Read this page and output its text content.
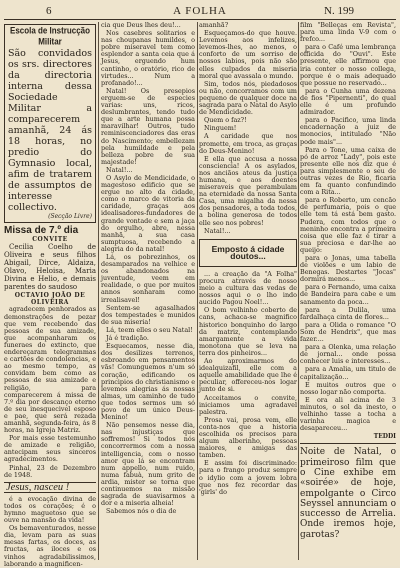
6	A FOLHA	N. 199
Escola de Instrucção Militar
São convidados os srs. directores da directoria interna dessa Sociedade Militar a comparecerem amanhã, 24 ás 18 horas, no predio do Gymnasio local, afim de tratarem de assumptos de interesse collectivo.
(Secção Livre)
Missa de 7.º dia
CONVITE

Cecilia Coelho de Oliveira e seus filhos Abigail, Dirce, Aldaiza, Olavo, Heloisa, Maria Divina e Helio, e demais parentes do saudoso

OCTAVIO JOÃO DE OLIVEIRA

agradecem penhorados as demonstrações de pezar que vem recebendo das pessoas de sua amizade, que acompanharam os funeraes do extincto, que endereçaram telegrammas e cartões de condolencias, e ao mesmo tempo, as convidam bem como as pessoas de sua amizade e religião, para comparecerem á missa de 7.º dia por descanço eterno de seu inesquecivel esposo e pae, que será rezada amanhã, segunda-feira, ás 8 horas, na Igreja Matriz.

Por mais esse testemunho de amizade e religião, antecipam seus sinceros agradecimentos.

Pinhal, 23 de Dezembro de 1948.

Jesus, nasceu !

é a evocação divina de todos os corações; é o hymno maguetoso que se ouve na mansão da vida!

Os bemaventurados, nesse dia, levam para as suas mesas fartas, os doces, as fructas, as iloces e os vinhos agradabilissimos, laborando a magnificen-

cia que Deus lhes deu!...

Nos casebres solitarios e nas choupanas humildes, o pobre miseravel tem como esplendor a santa ceia que á Jesus, erguendo hum cantinho, o oratório, rico de virtudes... Num a profanado!...

Natal! Os presepios erguem-se de especies varias: uns, ricos, deslumbrantes, tendo tudo que a arte humana possa maravilhar! Outros, tudo reminiscenciadores das eras do Nascimento; embellezam pela humildade e pela belleza pobre de sua majestade!

Natal!...

O Asylo de Mendicidade, o magestoso edificio que se ergue no alto da cidade, como o marco de vitoria da caridade, graças aos idealisadores-fundadores de grande vontade e sem a jaça do orgulho, abre, nessa manhã, a sua casa sumptuosa, recebendo a alegria do da natal!

Lá, os pobrezinhos, os desamparados na velhice e os abandonados na juventude, veem em realidade, o que por muitos annos sonharam como irrealisavel!

Sentem-se agasalhados dos tempestades e munidos de sua miseria!

Lá, teem elles o seu Natal!

Já é tradição.

Esquecamos, nesse dia, dos desilizes terrenos, esbroando em pensamentos vãs! Comunguemos n'um só coração, edificando os principios do christianismo e levemos alegrias ás nossas almas, um caminho de tudo que todos sermos um só povo de um único Deus-Menino!

Não pensemos nesse dia, nas injustiças que soffremos! Si todos nós concorrermos com a nossa intelligencia, com o nosso amor que lá se encontram num appello, num ruido, numa fabuà, num grito de ardia, mister se torna que continuemos na missão sagrada de suavisarmos a dor e a miseria alheia!

Sabemos nós o dia de

amanhã?

Esqueçamos-do que houve. Levemos aos infelizes, levemos-lhes, ao menos, o conforto de um sorriso de nossos labios, pois não são elles culpados da miseria moral que avassala o mundo.

Sim, todos nós, piedadosos ou não, concorramos com um pequeno de qualquer doce na sagrada para o Natal do Asylo de Mendicidade.

Quem o faz?!

Ninguem!

A caridade que nos promette, em troca, as graças do Deus-Menino!

E ella que accusa a nossa consciencia! A os asylados, nos anciãos ateus da justiça humana, e aos doentes miseraveis que perambulam na eternidade da nossa Santa Casa, uma migalha da nessa dos pensadores, a toda todos, a bolina generosa de todos elle seo nos pobres!

Natal!...

Emposto á cidade doutos...

... a creação da "A Folha" procura através de nosso meio a cultura das vedas de nossos aqui o o lho indo aucido Pagou Noel!...

O bom velhinho coberto de cans, achaca-se magnifico historico bonquinho do largo da matriz, contemplando amargamente a vida monotona que se leva na terra dos pinheiros...

Ao aproximarmos do idealquizafil, elle com a aquelle amabilidade que lhe é peculiar, offereceu-nos logar junto de si.

Acceitamos o convite, iniciamos uma agradavel palestra.

Prosa vai, prosa vem, elle conta-nos que a historia escolhida os precisos para algum alberinho, pessoas maiores, e amigas das tamben.

E assim foi discriminado: para o frango produz sempre o idylio com a jovem lobra que nos fez recordar das 'girls' do

film "Belleças em Revista", para uma linda V-9 com o frefco...

para o Café uma lembrança officida do "Ouvi". Este presente, elle affirmou que iria conter o nosso collega, porque é o mais adequado que possue no reservado...

para o Cunha uma dezena de fios "Pipernenti", do qual elle é um profundo admirador.

para o Pacifico, uma linda encadernação a juiz de monocios, intitulado "Não pode mais"...

Para o Tone, uma caixa de pó de arroz "Lady", pois este presente elle nos diz que é para simplesmente o seu de outras vezes de Rio, ficaria em fa quanto confundindo com a Rita...

para o Roberto, um cencão de perfumaria, pois o que elle tem tá está bem gasto. Pudera, com todos que o meninho encontra a primeira coisa que elle faz é tirar a sua preciosa e dar-lhe ao queijo:

para o Jonas, uma tabella de violões e um labio de Benegas. Destartes "Jocas" dormirá menos...

para o Fernando, uma caixa de Bandeira para cabe e um sanamento da poca...

para a Dulila, uma fardalhaça cinta de flores...

para a Olida o romance "O Som de Hendrix", que mas fazer....

para a Olenka, uma relação de jornal... onde possa conhecer luis e interesses...

para a Amalia, um titulo de capitalização...

E muitos outros que o nosso logar não comporta.

E ora ali acima de 3 minutos, o sol da inesto, o velhinho tasse a tocha a varinha magica e desapareceu...

TEDDI

Noite de Natal, o primeiroso film que o Cine exhibe em «soirée» de hoje, empolgante o Circo Seyssel annunciam o successo de Arrelia. Onde iremos hoje, garotas?
